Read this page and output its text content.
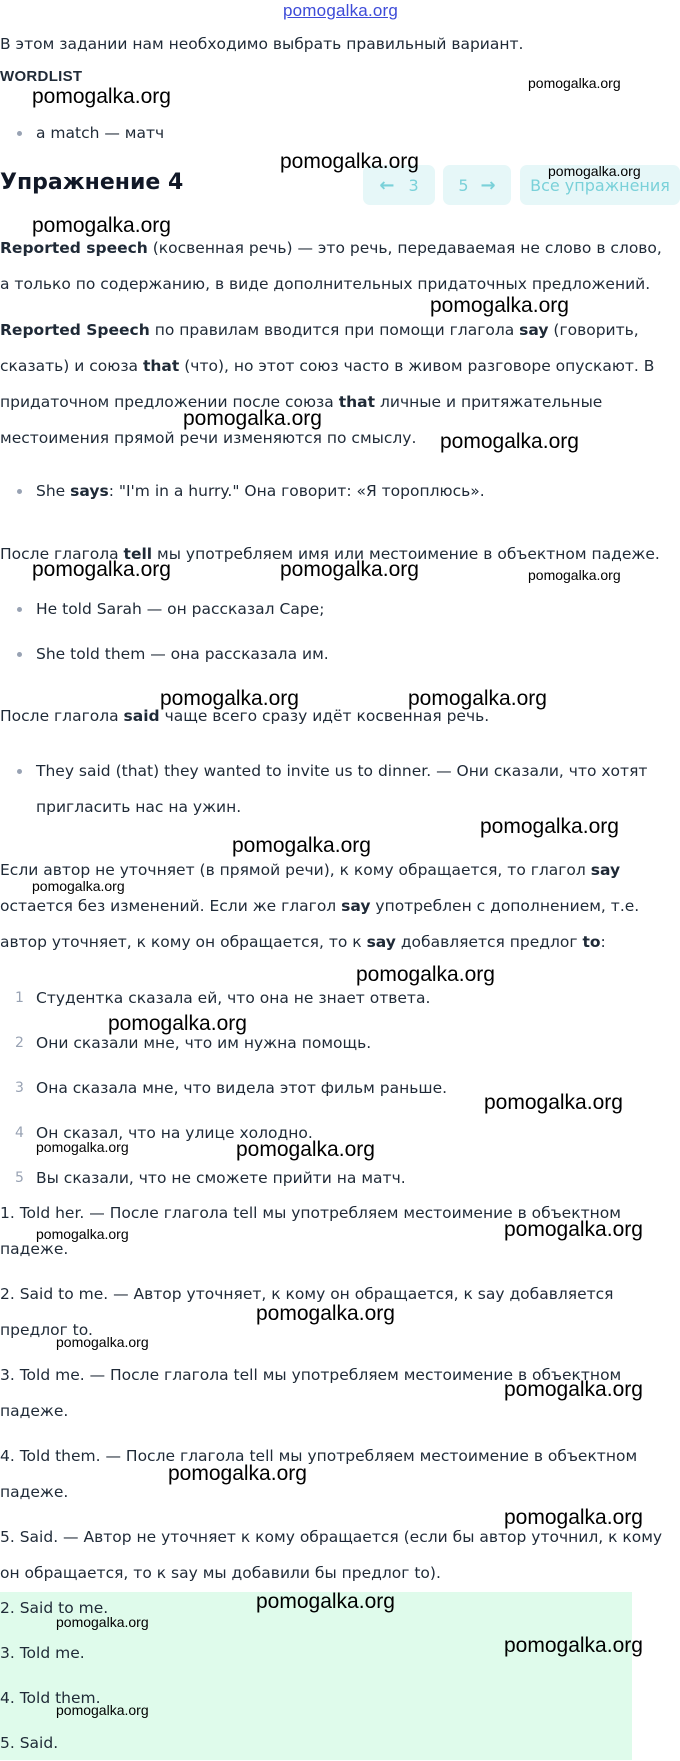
pomogalka.org
В этом задании нам необходимо выбрать правильный вариант.
WORDLIST
a match — матч
Упражнение 4	← 3 5 → Все упражнения
Reported speech (косвенная речь) — это речь, передаваемая не слово в слово,
а только по содержанию, в виде дополнительных придаточных предложений.
Reported Speech по правилам вводится при помощи глагола say (говорить,
сказать) и союза that (что), но этот союз часто в живом разговоре опускают. В
придаточном предложении после союза that личные и притяжательные
местоимения прямой речи изменяются по смыслу.
She says: "I'm in a hurry." Она говорит: «Я тороплюсь».
После глагола tell мы употребляем имя или местоимение в объектном падеже.
He told Sarah — он рассказал Саре;
She told them — она рассказала им.
После глагола said чаще всего сразу идёт косвенная речь.
They said (that) they wanted to invite us to dinner. — Они сказали, что хотят
пригласить нас на ужин.
Если автор не уточняет (в прямой речи), к кому обращается, то глагол say
остается без изменений. Если же глагол say употреблен с дополнением, т.е.
автор уточняет, к кому он обращается, то к say добавляется предлог to:
1 Студентка сказала ей, что она не знает ответа.
2 Они сказали мне, что им нужна помощь.
3 Она сказала мне, что видела этот фильм раньше.
4 Он сказал, что на улице холодно.
5 Вы сказали, что не сможете прийти на матч.
1. Told her. — После глагола tell мы употребляем местоимение в объектном
падеже.
2. Said to me. — Автор уточняет, к кому он обращается, к say добавляется
предлог to.
3. Told me. — После глагола tell мы употребляем местоимение в объектном
падеже.
4. Told them. — После глагола tell мы употребляем местоимение в объектном
падеже.
5. Said. — Автор не уточняет к кому обращается (если бы автор уточнил, к кому
он обращается, то к say мы добавили бы предлог to).
2. Said to me.
3. Told me.
4. Told them.
5. Said.
pomogalka.org
pomogalka.org
pomogalka.org	pomogalka.org
pomogalka.org
pomogalka.org
pomogalka.org
pomogalka.org
pomogalka.org	pomogalka.org	pomogalka.org
pomogalka.org	pomogalka.org
pomogalka.org
pomogalka.org
pomogalka.org
pomogalka.org
pomogalka.org
pomogalka.org
pomogalka.org	pomogalka.org
pomogalka.org	pomogalka.org
pomogalka.org
pomogalka.org
pomogalka.org
pomogalka.org
pomogalka.org
pomogalka.org
pomogalka.org
pomogalka.org
pomogalka.org
